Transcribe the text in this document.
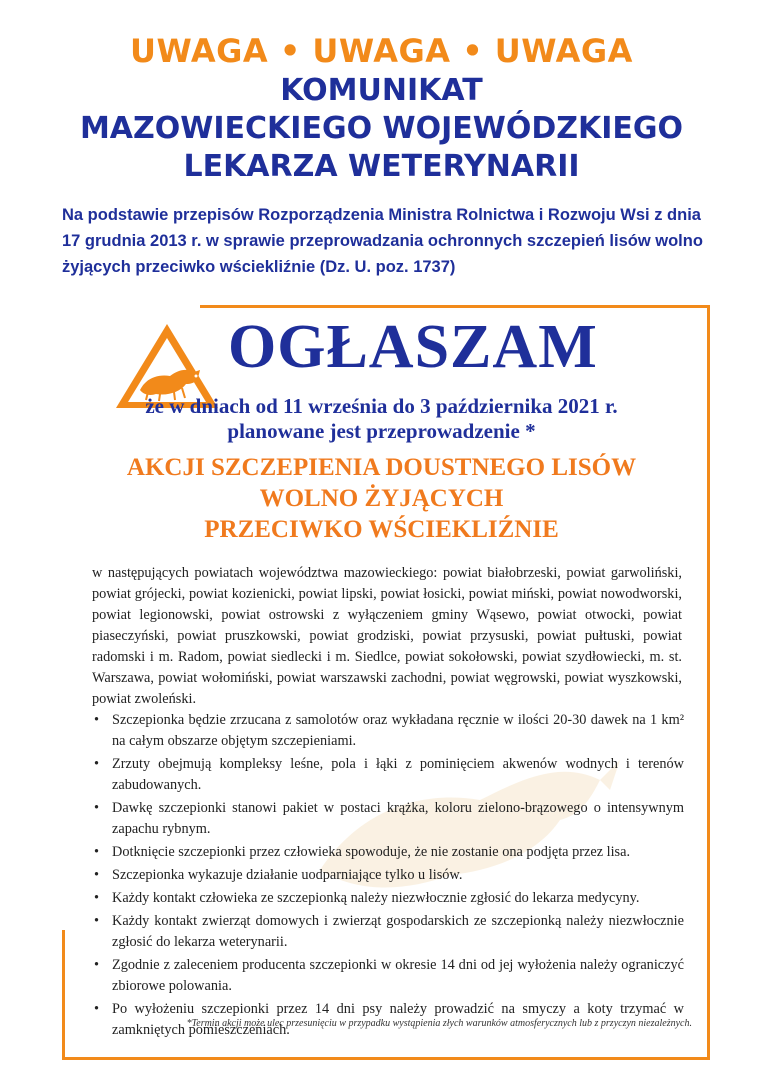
UWAGA • UWAGA • UWAGA
KOMUNIKAT
MAZOWIECKIEGO WOJEWÓDZKIEGO
LEKARZA WETERYNARII
Na podstawie przepisów Rozporządzenia Ministra Rolnictwa i Rozwoju Wsi z dnia 17 grudnia 2013 r. w sprawie przeprowadzania ochronnych szczepień lisów wolno żyjących przeciwko wściekliźnie (Dz. U. poz. 1737)
OGŁASZAM
że w dniach od 11 września do 3 października 2021 r.
planowane jest przeprowadzenie *
AKCJI SZCZEPIENIA DOUSTNEGO LISÓW
WOLNO ŻYJĄCYCH
PRZECIWKO WŚCIEKLIŹNIE
w następujących powiatach województwa mazowieckiego: powiat białobrzeski, powiat garwoliński, powiat grójecki, powiat kozienicki, powiat lipski, powiat łosicki, powiat miński, powiat nowodworski, powiat legionowski, powiat ostrowski z wyłączeniem gminy Wąsewo, powiat otwocki, powiat piaseczyński, powiat pruszkowski, powiat grodziski, powiat przysuski, powiat pułtuski, powiat radomski i m. Radom, powiat siedlecki i m. Siedlce, powiat sokołowski, powiat szydłowiecki, m. st. Warszawa, powiat wołomiński, powiat warszawski zachodni, powiat węgrowski, powiat wyszkowski, powiat zwoleński.
• Szczepionka będzie zrzucana z samolotów oraz wykładana ręcznie w ilości 20-30 dawek na 1 km² na całym obszarze objętym szczepieniami.
• Zrzuty obejmują kompleksy leśne, pola i łąki z pominięciem akwenów wodnych i terenów zabudowanych.
• Dawkę szczepionki stanowi pakiet w postaci krążka, koloru zielono-brązowego o intensywnym zapachu rybnym.
• Dotknięcie szczepionki przez człowieka spowoduje, że nie zostanie ona podjęta przez lisa.
• Szczepionka wykazuje działanie uodparniające tylko u lisów.
• Każdy kontakt człowieka ze szczepionką należy niezwłocznie zgłosić do lekarza medycyny.
• Każdy kontakt zwierząt domowych i zwierząt gospodarskich ze szczepionką należy niezwłocznie zgłosić do lekarza weterynarii.
• Zgodnie z zaleceniem producenta szczepionki w okresie 14 dni od jej wyłożenia należy ograniczyć zbiorowe polowania.
• Po wyłożeniu szczepionki przez 14 dni psy należy prowadzić na smyczy a koty trzymać w zamkniętych pomieszczeniach.
*Termin akcji może ulec przesunięciu w przypadku wystąpienia złych warunków atmosferycznych lub z przyczyn niezależnych.
